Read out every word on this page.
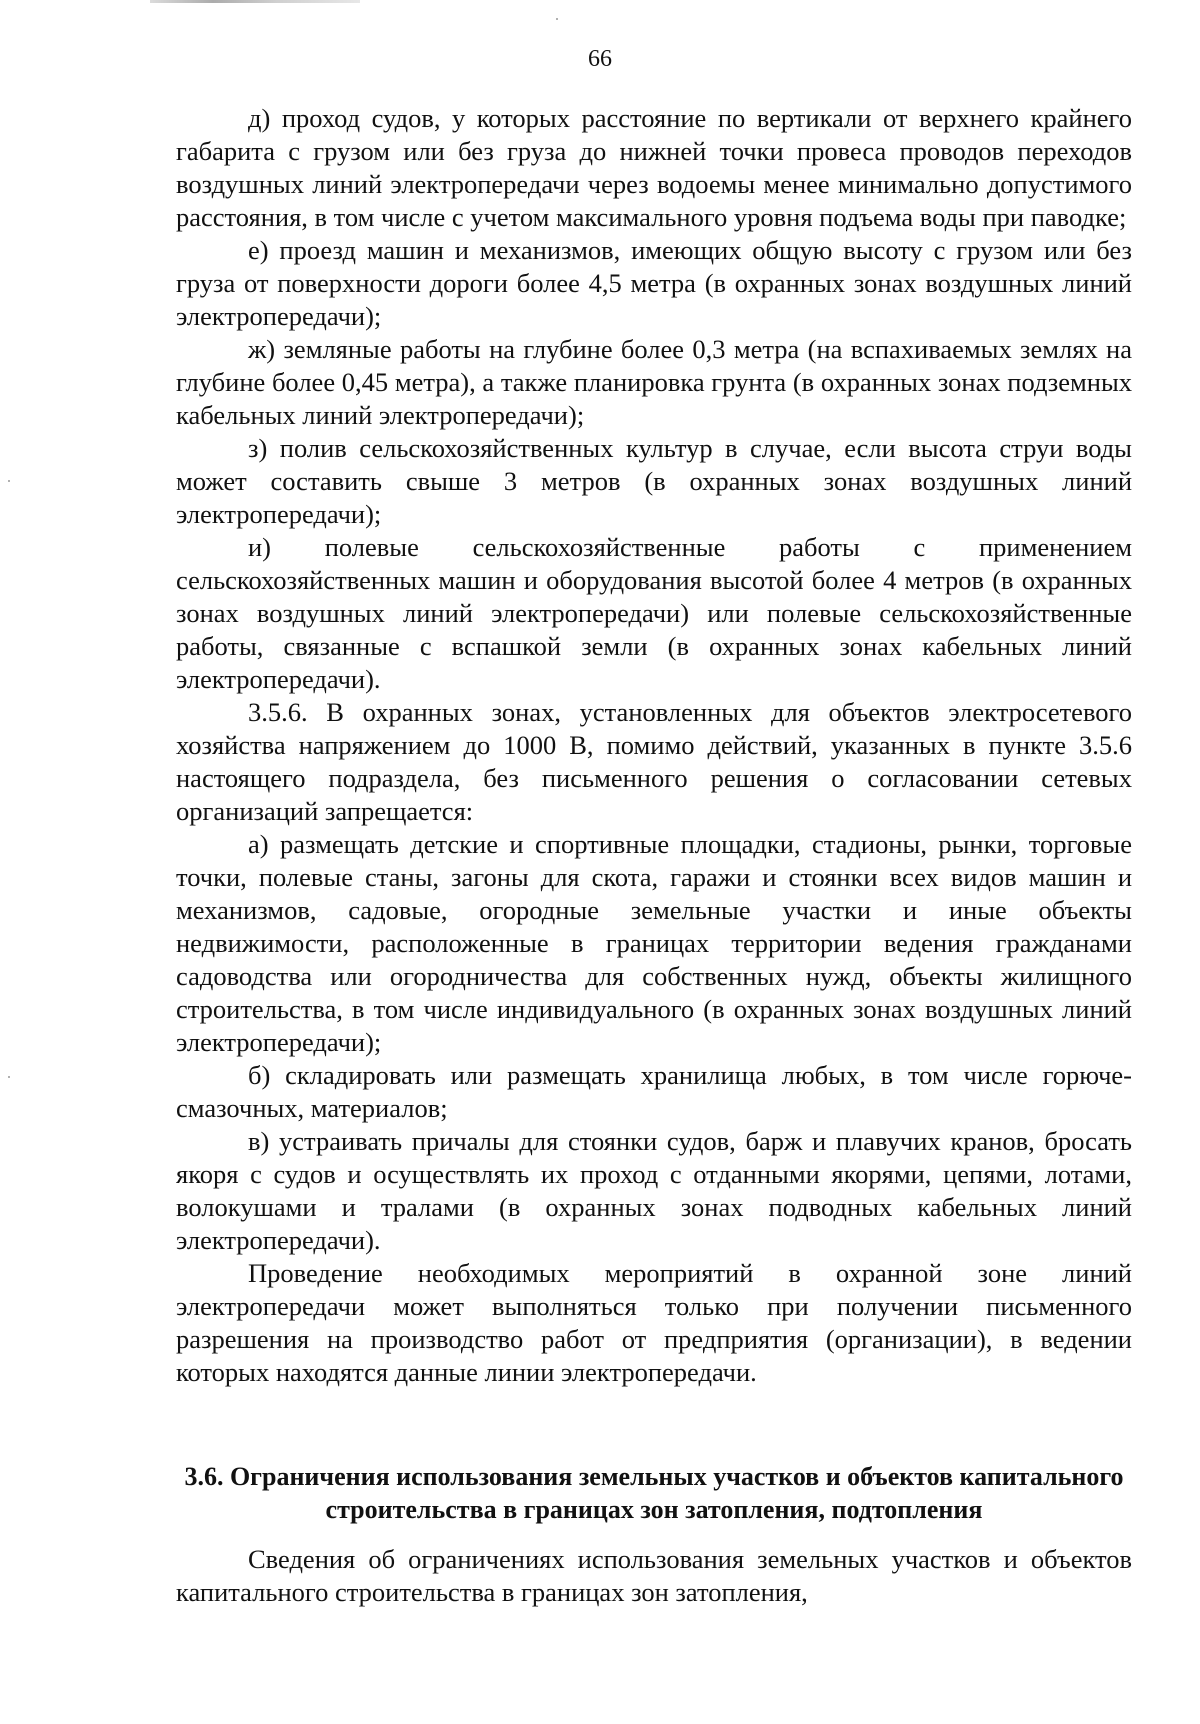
66

д) проход судов, у которых расстояние по вертикали от верхнего крайнего габарита с грузом или без груза до нижней точки провеса проводов переходов воздушных линий электропередачи через водоемы менее минимально допустимого расстояния, в том числе с учетом максимального уровня подъема воды при паводке;

е) проезд машин и механизмов, имеющих общую высоту с грузом или без груза от поверхности дороги более 4,5 метра (в охранных зонах воздушных линий электропередачи);

ж) земляные работы на глубине более 0,3 метра (на вспахиваемых землях на глубине более 0,45 метра), а также планировка грунта (в охранных зонах подземных кабельных линий электропередачи);

з) полив сельскохозяйственных культур в случае, если высота струи воды может составить свыше 3 метров (в охранных зонах воздушных линий электропередачи);

и) полевые сельскохозяйственные работы с применением сельскохозяйственных машин и оборудования высотой более 4 метров (в охранных зонах воздушных линий электропередачи) или полевые сельскохозяйственные работы, связанные с вспашкой земли (в охранных зонах кабельных линий электропередачи).

3.5.6. В охранных зонах, установленных для объектов электросетевого хозяйства напряжением до 1000 В, помимо действий, указанных в пункте 3.5.6 настоящего подраздела, без письменного решения о согласовании сетевых организаций запрещается:

а) размещать детские и спортивные площадки, стадионы, рынки, торговые точки, полевые станы, загоны для скота, гаражи и стоянки всех видов машин и механизмов, садовые, огородные земельные участки и иные объекты недвижимости, расположенные в границах территории ведения гражданами садоводства или огородничества для собственных нужд, объекты жилищного строительства, в том числе индивидуального (в охранных зонах воздушных линий электропередачи);

б) складировать или размещать хранилища любых, в том числе горюче-смазочных, материалов;

в) устраивать причалы для стоянки судов, барж и плавучих кранов, бросать якоря с судов и осуществлять их проход с отданными якорями, цепями, лотами, волокушами и тралами (в охранных зонах подводных кабельных линий электропередачи).

Проведение необходимых мероприятий в охранной зоне линий электропередачи может выполняться только при получении письменного разрешения на производство работ от предприятия (организации), в ведении которых находятся данные линии электропередачи.

3.6. Ограничения использования земельных участков и объектов капитального строительства в границах зон затопления, подтопления

Сведения об ограничениях использования земельных участков и объектов капитального строительства в границах зон затопления,
